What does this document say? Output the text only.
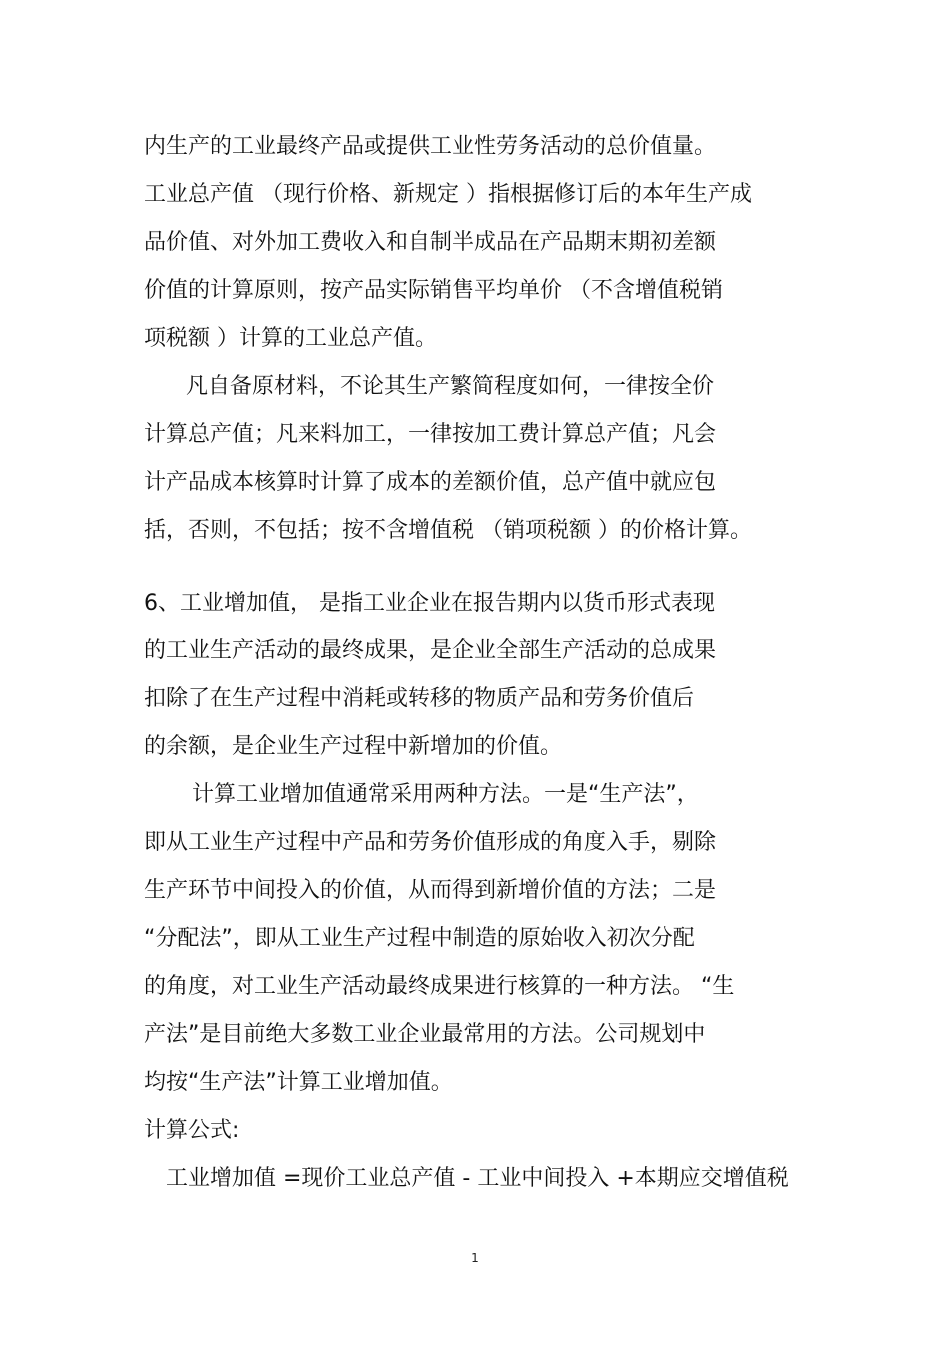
内生产的工业最终产品或提供工业性劳务活动的总价值量。
工业总产值 （现行价格、新规定 ）指根据修订后的本年生产成
品价值、对外加工费收入和自制半成品在产品期末期初差额
价值的计算原则，按产品实际销售平均单价 （不含增值税销
项税额 ）计算的工业总产值。
凡自备原材料，不论其生产繁简程度如何，一律按全价
计算总产值；凡来料加工，一律按加工费计算总产值；凡会
计产品成本核算时计算了成本的差额价值，总产值中就应包
括，否则，不包括；按不含增值税 （销项税额 ）的价格计算。
6、工业增加值， 是指工业企业在报告期内以货币形式表现
的工业生产活动的最终成果，是企业全部生产活动的总成果
扣除了在生产过程中消耗或转移的物质产品和劳务价值后
的余额，是企业生产过程中新增加的价值。
计算工业增加值通常采用两种方法。一是“生产法”，
即从工业生产过程中产品和劳务价值形成的角度入手，剔除
生产环节中间投入的价值，从而得到新增价值的方法；二是
“分配法”，即从工业生产过程中制造的原始收入初次分配
的角度，对工业生产活动最终成果进行核算的一种方法。 “生
产法”是目前绝大多数工业企业最常用的方法。公司规划中
均按“生产法”计算工业增加值。
计算公式:
工业增加值 =现价工业总产值 - 工业中间投入 +本期应交增值税
1
